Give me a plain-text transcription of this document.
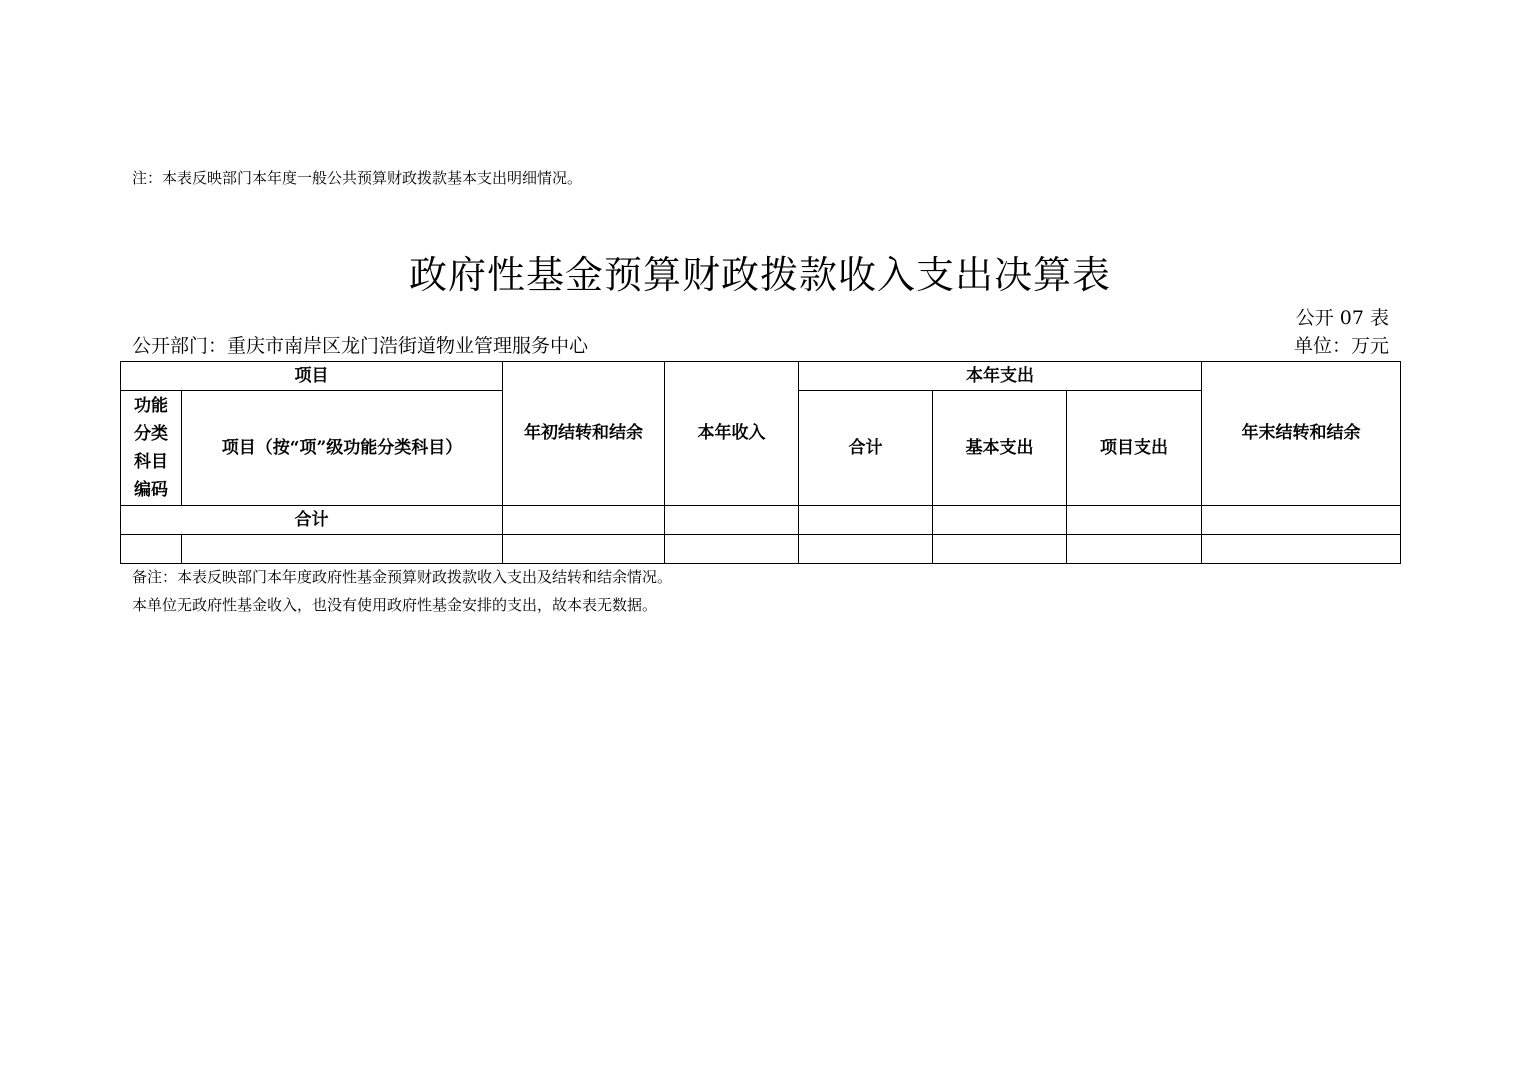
注：本表反映部门本年度一般公共预算财政拨款基本支出明细情况。
政府性基金预算财政拨款收入支出决算表
公开 07 表
公开部门：重庆市南岸区龙门浩街道物业管理服务中心	单位：万元
项目		年初结转和结余	本年收入	本年支出			年末结转和结余

功能
分类
科目
编码	项目（按“项”级功能分类科目）			合计	基本支出	项目支出	
合计							

备注：本表反映部门本年度政府性基金预算财政拨款收入支出及结转和结余情况。
本单位无政府性基金收入，也没有使用政府性基金安排的支出，故本表无数据。
